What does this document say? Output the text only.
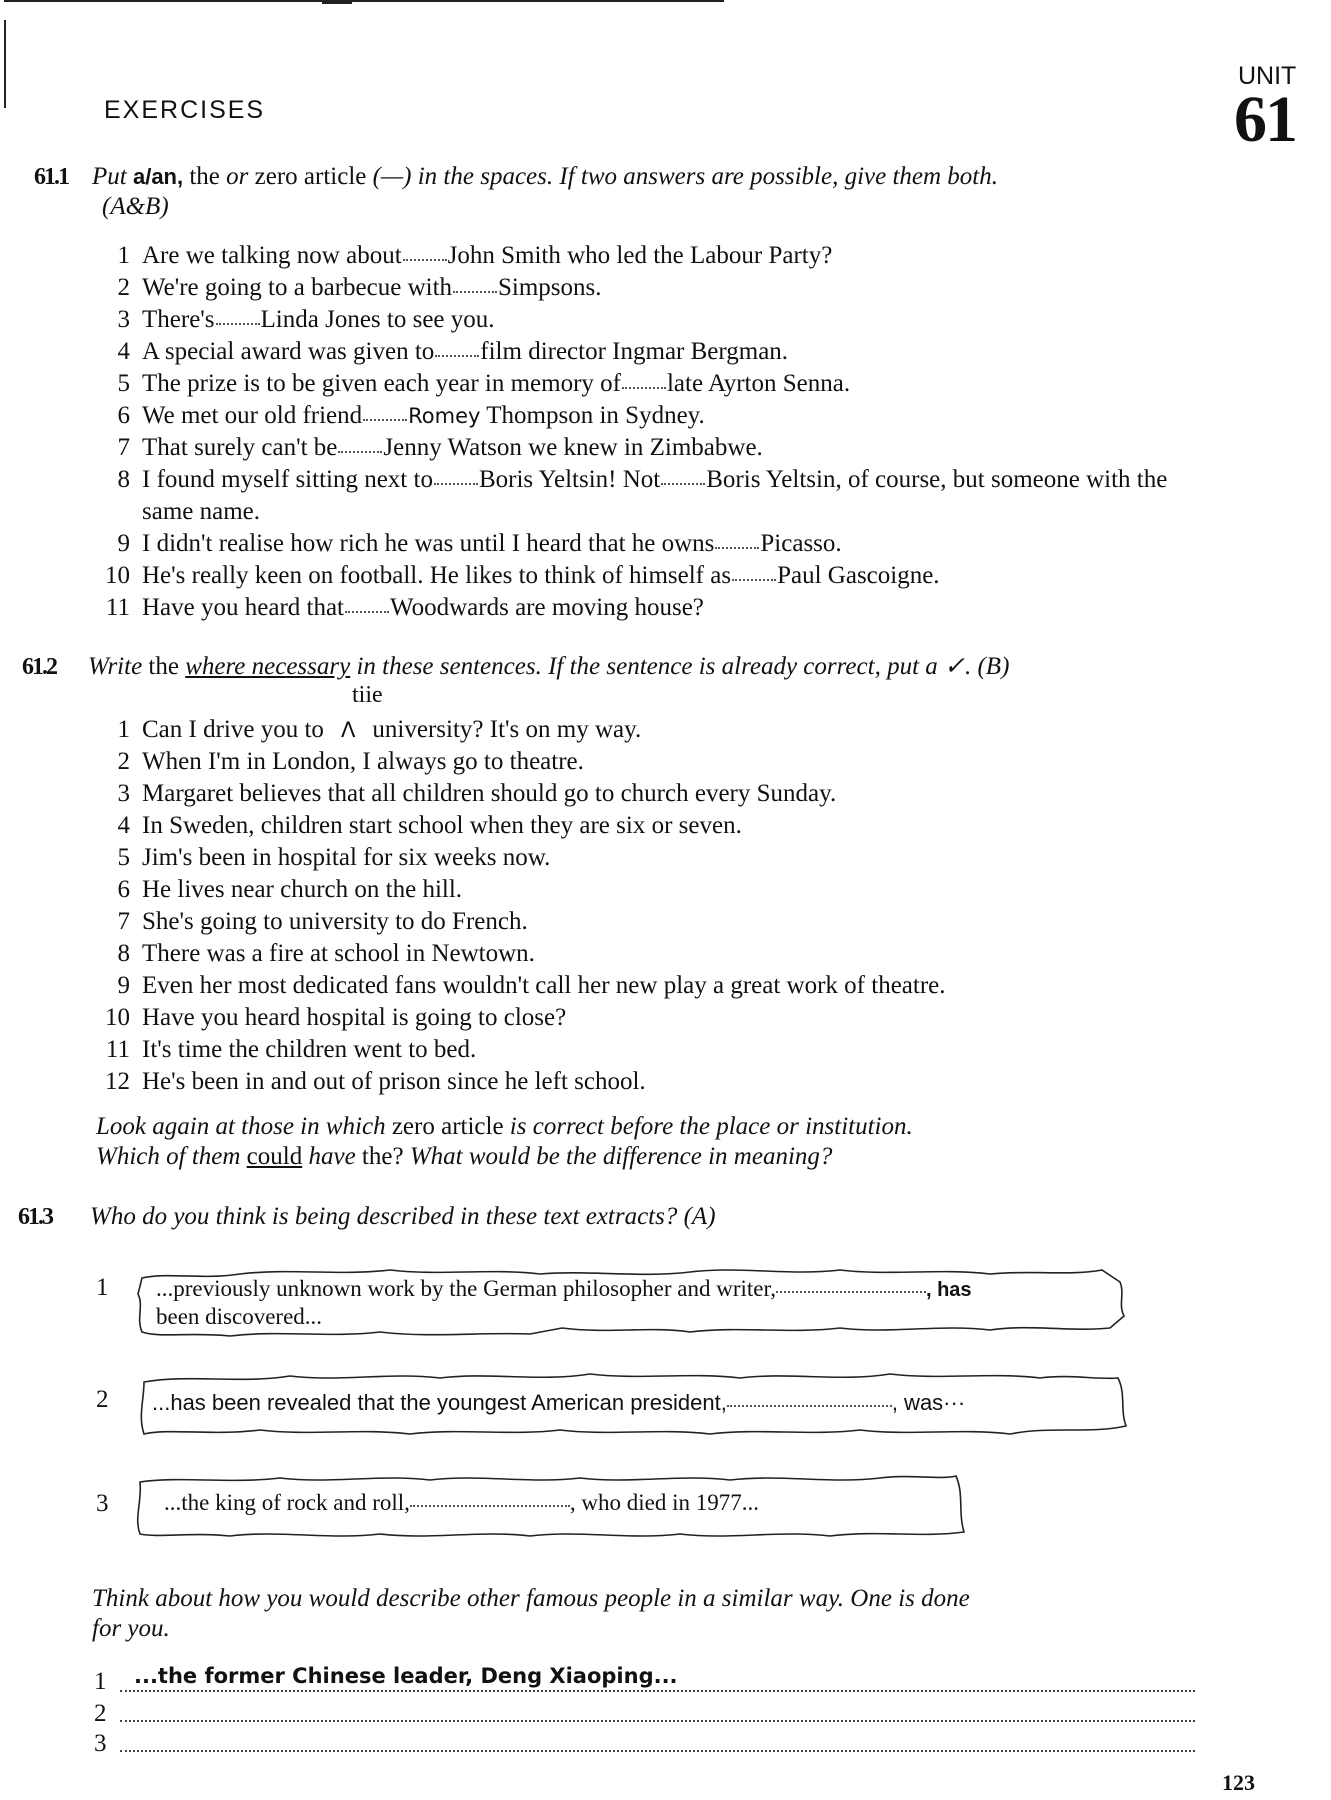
EXERCISES
UNIT
61
61.1 Put a/an, the or zero article (—) in the spaces. If two answers are possible, give them both.
(A&B)
1 Are we talking now about John Smith who led the Labour Party?
2 We're going to a barbecue with Simpsons.
3 There's Linda Jones to see you.
4 A special award was given to film director Ingmar Bergman.
5 The prize is to be given each year in memory of late Ayrton Senna.
6 We met our old friend Romey Thompson in Sydney.
7 That surely can't be Jenny Watson we knew in Zimbabwe.
8 I found myself sitting next to Boris Yeltsin! Not Boris Yeltsin, of course, but someone with the same name.
9 I didn't realise how rich he was until I heard that he owns Picasso.
10 He's really keen on football. He likes to think of himself as Paul Gascoigne.
11 Have you heard that Woodwards are moving house?
61.2 Write the where necessary in these sentences. If the sentence is already correct, put a ✓. (B)
tiie
1 Can I drive you to Λ university? It's on my way.
2 When I'm in London, I always go to theatre.
3 Margaret believes that all children should go to church every Sunday.
4 In Sweden, children start school when they are six or seven.
5 Jim's been in hospital for six weeks now.
6 He lives near church on the hill.
7 She's going to university to do French.
8 There was a fire at school in Newtown.
9 Even her most dedicated fans wouldn't call her new play a great work of theatre.
10 Have you heard hospital is going to close?
11 It's time the children went to bed.
12 He's been in and out of prison since he left school.
Look again at those in which zero article is correct before the place or institution.
Which of them could have the? What would be the difference in meaning?
61.3 Who do you think is being described in these text extracts? (A)
1 ...previously unknown work by the German philosopher and writer,	, has
been discovered...
2 ...has been revealed that the youngest American president,	, was···
3 ...the king of rock and roll,	, who died in 1977...
Think about how you would describe other famous people in a similar way. One is done
for you.
1 ...the former Chinese leader, Deng Xiaoping...
2
3
123
